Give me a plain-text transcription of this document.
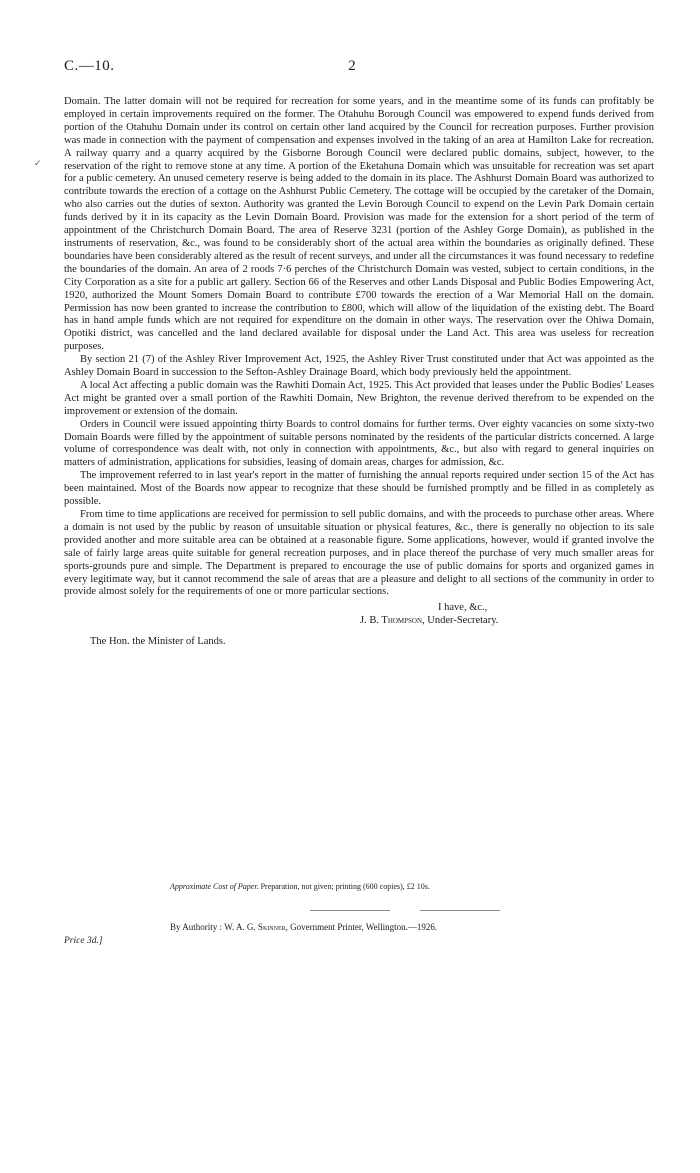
C.—10.	2
✓

Domain. The latter domain will not be required for recreation for some years, and in the meantime some of its funds can profitably be employed in certain improvements required on the former. The Otahuhu Borough Council was empowered to expend funds derived from portion of the Otahuhu Domain under its control on certain other land acquired by the Council for recreation purposes. Further provision was made in connection with the payment of compensation and expenses involved in the taking of an area at Hamilton Lake for recreation. A railway quarry and a quarry acquired by the Gisborne Borough Council were declared public domains, subject, however, to the reservation of the right to remove stone at any time. A portion of the Eketahuna Domain which was unsuitable for recreation was set apart for a public cemetery. An unused cemetery reserve is being added to the domain in its place. The Ashhurst Domain Board was authorized to contribute towards the erection of a cottage on the Ashhurst Public Cemetery. The cottage will be occupied by the caretaker of the Domain, who also carries out the duties of sexton. Authority was granted the Levin Borough Council to expend on the Levin Park Domain certain funds derived by it in its capacity as the Levin Domain Board. Provision was made for the extension for a short period of the term of appointment of the Christchurch Domain Board. The area of Reserve 3231 (portion of the Ashley Gorge Domain), as published in the instruments of reservation, &c., was found to be considerably short of the actual area within the boundaries as originally defined. These boundaries have been considerably altered as the result of recent surveys, and under all the circumstances it was found necessary to redefine the boundaries of the domain. An area of 2 roods 7·6 perches of the Christchurch Domain was vested, subject to certain conditions, in the City Corporation as a site for a public art gallery. Section 66 of the Reserves and other Lands Disposal and Public Bodies Empowering Act, 1920, authorized the Mount Somers Domain Board to contribute £700 towards the erection of a War Memorial Hall on the domain. Permission has now been granted to increase the contribution to £800, which will allow of the liquidation of the existing debt. The Board has in hand ample funds which are not required for expenditure on the domain in other ways. The reservation over the Ohiwa Domain, Opotiki district, was cancelled and the land declared available for disposal under the Land Act. This area was useless for recreation purposes.

By section 21 (7) of the Ashley River Improvement Act, 1925, the Ashley River Trust constituted under that Act was appointed as the Ashley Domain Board in succession to the Sefton-Ashley Drainage Board, which body previously held the appointment.

A local Act affecting a public domain was the Rawhiti Domain Act, 1925. This Act provided that leases under the Public Bodies' Leases Act might be granted over a small portion of the Rawhiti Domain, New Brighton, the revenue derived therefrom to be expended on the improvement or extension of the domain.

Orders in Council were issued appointing thirty Boards to control domains for further terms. Over eighty vacancies on some sixty-two Domain Boards were filled by the appointment of suitable persons nominated by the residents of the particular districts concerned. A large volume of correspondence was dealt with, not only in connection with appointments, &c., but also with regard to general inquiries on matters of administration, applications for subsidies, leasing of domain areas, charges for admission, &c.

The improvement referred to in last year's report in the matter of furnishing the annual reports required under section 15 of the Act has been maintained. Most of the Boards now appear to recognize that these should be furnished promptly and be filled in as completely as possible.

From time to time applications are received for permission to sell public domains, and with the proceeds to purchase other areas. Where a domain is not used by the public by reason of unsuitable situation or physical features, &c., there is generally no objection to its sale provided another and more suitable area can be obtained at a reasonable figure. Some applications, however, would if granted involve the sale of fairly large areas quite suitable for general recreation purposes, and in place thereof the purchase of very much smaller areas for sports-grounds pure and simple. The Department is prepared to encourage the use of public domains for sports and organized games in every legitimate way, but it cannot recommend the sale of areas that are a pleasure and delight to all sections of the community in order to provide almost solely for the requirements of one or more particular sections.

I have, &c.,
J. B. Thompson, Under-Secretary.
The Hon. the Minister of Lands.
Approximate Cost of Paper. Preparation, not given; printing (600 copies), £2 10s.
By Authority : W. A. G. Skinner, Government Printer, Wellington.—1926.
Price 3d.]
